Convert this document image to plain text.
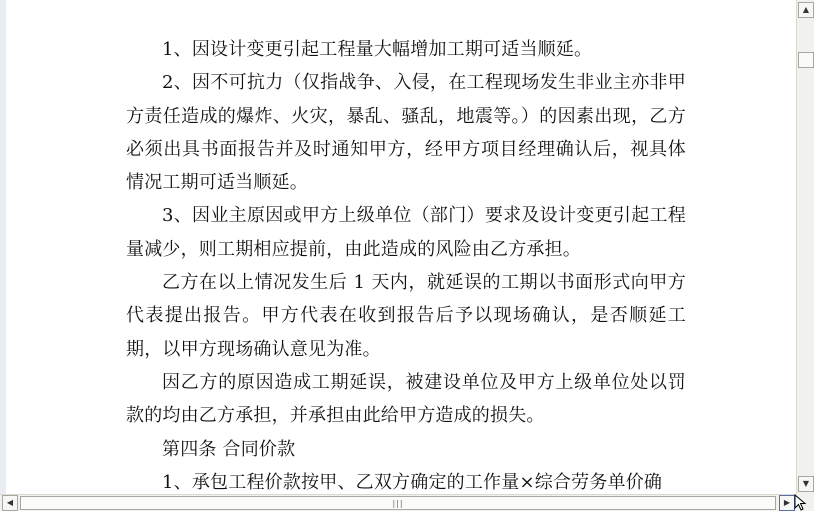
1、因设计变更引起工程量大幅增加工期可适当顺延。

2、因不可抗力（仅指战争、入侵，在工程现场发生非业主亦非甲方责任造成的爆炸、火灾，暴乱、骚乱，地震等。）的因素出现，乙方必须出具书面报告并及时通知甲方，经甲方项目经理确认后，视具体情况工期可适当顺延。

3、因业主原因或甲方上级单位（部门）要求及设计变更引起工程量减少，则工期相应提前，由此造成的风险由乙方承担。

乙方在以上情况发生后 1 天内，就延误的工期以书面形式向甲方代表提出报告。甲方代表在收到报告后予以现场确认，是否顺延工期，以甲方现场确认意见为准。

因乙方的原因造成工期延误，被建设单位及甲方上级单位处以罚款的均由乙方承担，并承担由此给甲方造成的损失。

第四条 合同价款

1、承包工程价款按甲、乙双方确定的工作量×综合劳务单价确

▲
▼
◀	|||	▶
